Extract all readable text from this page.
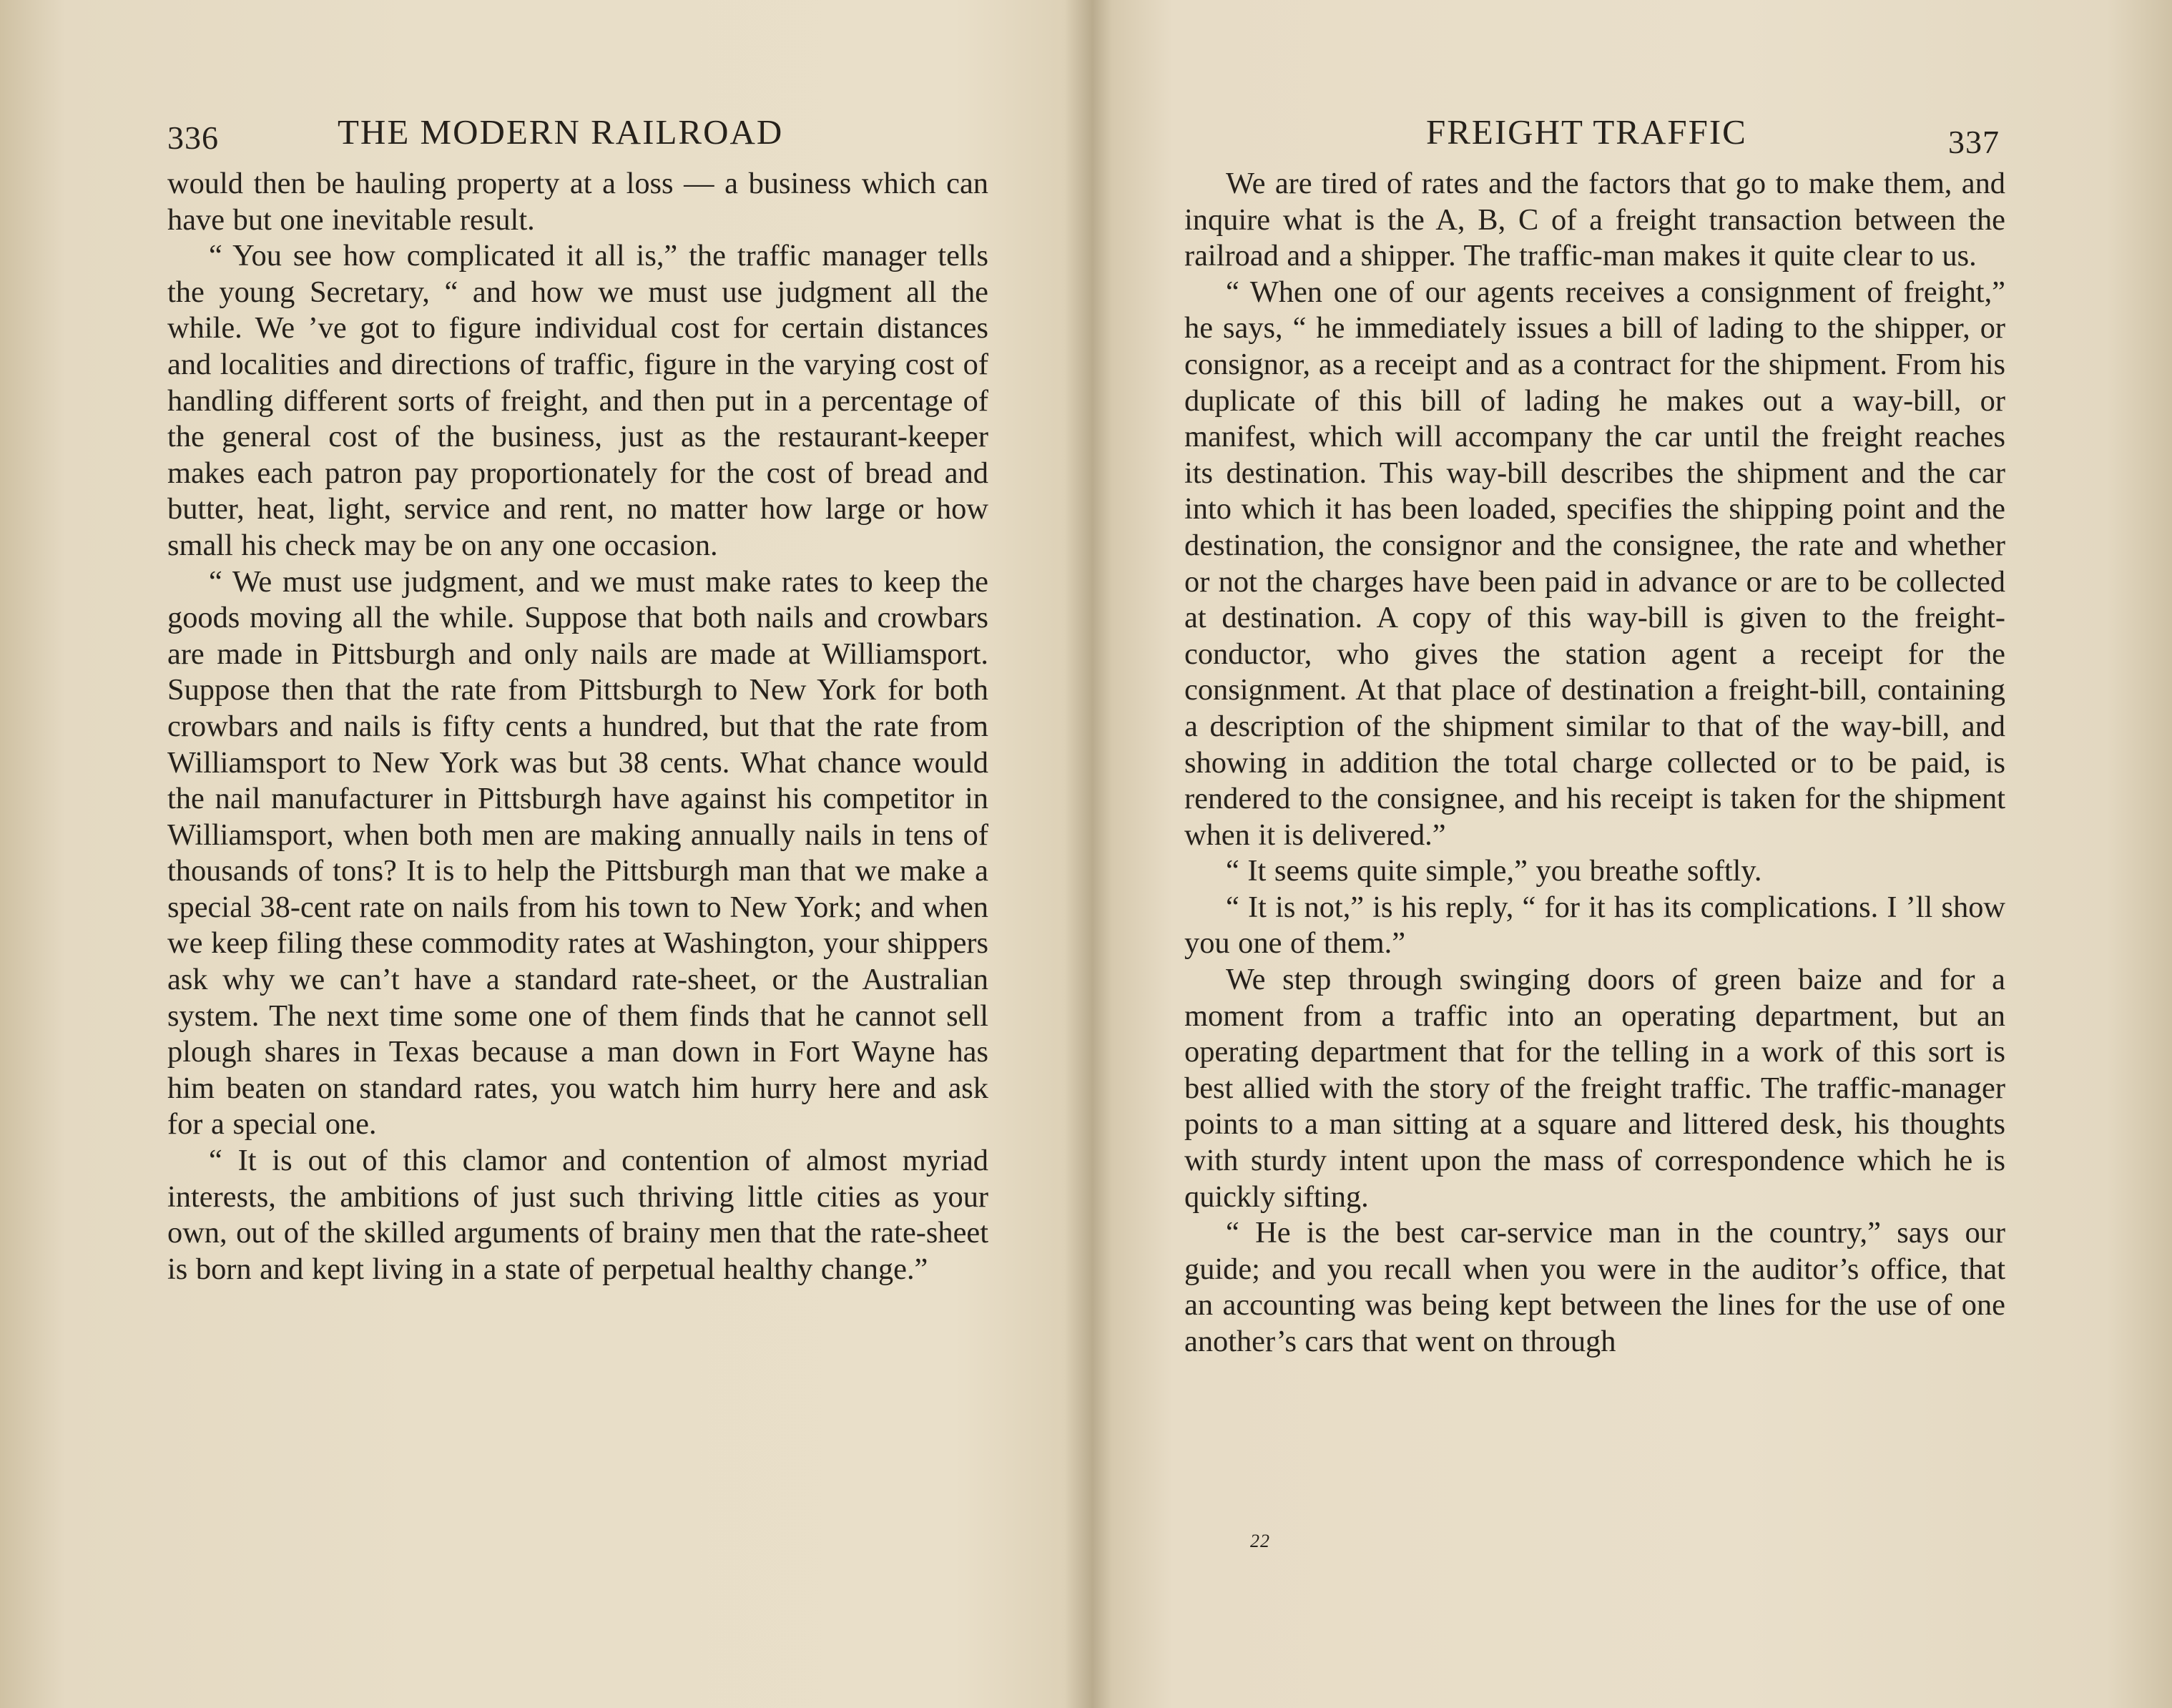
336	THE MODERN RAILROAD

would then be hauling property at a loss — a business which can have but one inevitable result.

“ You see how complicated it all is,” the traffic manager tells the young Secretary, “ and how we must use judgment all the while. We ’ve got to figure individual cost for certain distances and localities and directions of traffic, figure in the varying cost of handling different sorts of freight, and then put in a percentage of the general cost of the business, just as the restaurant-keeper makes each patron pay proportionately for the cost of bread and butter, heat, light, service and rent, no matter how large or how small his check may be on any one occasion.

“ We must use judgment, and we must make rates to keep the goods moving all the while. Suppose that both nails and crowbars are made in Pittsburgh and only nails are made at Williamsport. Suppose then that the rate from Pittsburgh to New York for both crowbars and nails is fifty cents a hundred, but that the rate from Williamsport to New York was but 38 cents. What chance would the nail manufacturer in Pittsburgh have against his competitor in Williamsport, when both men are making annually nails in tens of thousands of tons? It is to help the Pittsburgh man that we make a special 38-cent rate on nails from his town to New York; and when we keep filing these commodity rates at Washington, your shippers ask why we can’t have a standard rate-sheet, or the Australian system. The next time some one of them finds that he cannot sell plough shares in Texas because a man down in Fort Wayne has him beaten on standard rates, you watch him hurry here and ask for a special one.

“ It is out of this clamor and contention of almost myriad interests, the ambitions of just such thriving little cities as your own, out of the skilled arguments of brainy men that the rate-sheet is born and kept living in a state of perpetual healthy change.”

FREIGHT TRAFFIC	337

We are tired of rates and the factors that go to make them, and inquire what is the A, B, C of a freight transaction between the railroad and a shipper. The traffic-man makes it quite clear to us.

“ When one of our agents receives a consignment of freight,” he says, “ he immediately issues a bill of lading to the shipper, or consignor, as a receipt and as a contract for the shipment. From his duplicate of this bill of lading he makes out a way-bill, or manifest, which will accompany the car until the freight reaches its destination. This way-bill describes the shipment and the car into which it has been loaded, specifies the shipping point and the destination, the consignor and the consignee, the rate and whether or not the charges have been paid in advance or are to be collected at destination. A copy of this way-bill is given to the freight-conductor, who gives the station agent a receipt for the consignment. At that place of destination a freight-bill, containing a description of the shipment similar to that of the way-bill, and showing in addition the total charge collected or to be paid, is rendered to the consignee, and his receipt is taken for the shipment when it is delivered.”

“ It seems quite simple,” you breathe softly.

“ It is not,” is his reply, “ for it has its complications. I ’ll show you one of them.”

We step through swinging doors of green baize and for a moment from a traffic into an operating department, but an operating department that for the telling in a work of this sort is best allied with the story of the freight traffic. The traffic-manager points to a man sitting at a square and littered desk, his thoughts with sturdy intent upon the mass of correspondence which he is quickly sifting.

“ He is the best car-service man in the country,” says our guide; and you recall when you were in the auditor’s office, that an accounting was being kept between the lines for the use of one another’s cars that went on through

22
